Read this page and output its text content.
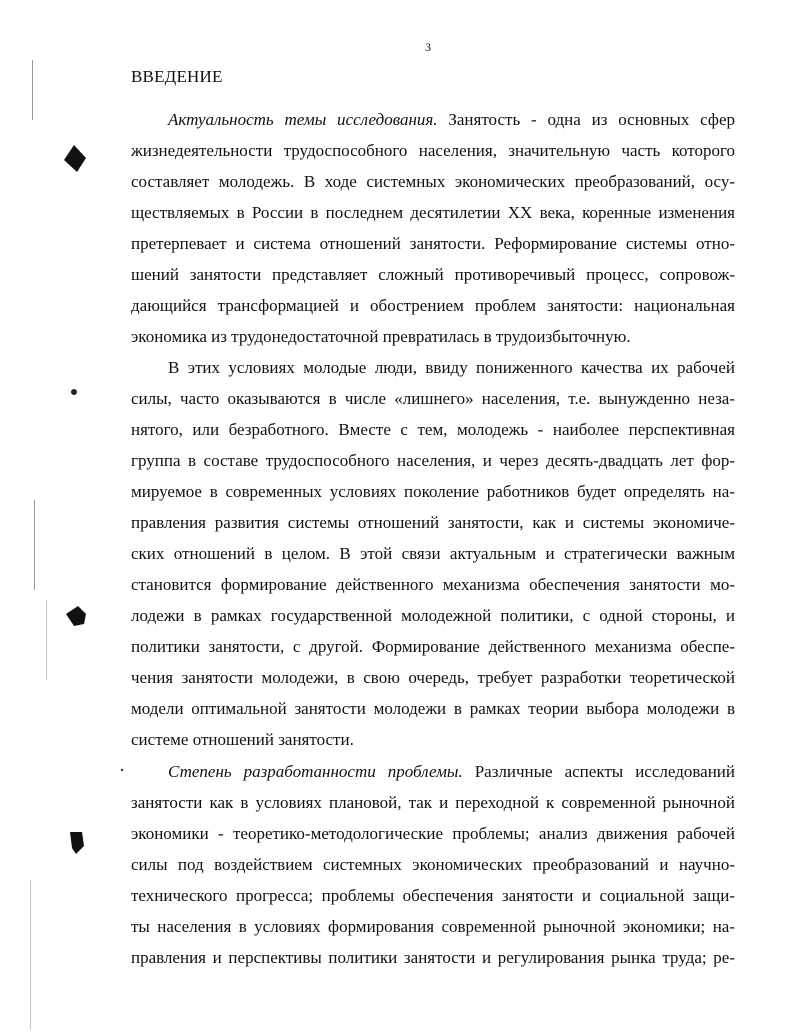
3
ВВЕДЕНИЕ
Актуальность темы исследования. Занятость - одна из основных сфер
жизнедеятельности трудоспособного населения, значительную часть которого
составляет молодежь. В ходе системных экономических преобразований, осу-
ществляемых в России в последнем десятилетии XX века, коренные изменения
претерпевает и система отношений занятости. Реформирование системы отно-
шений занятости представляет сложный противоречивый процесс, сопровож-
дающийся трансформацией и обострением проблем занятости: национальная
экономика из трудонедостаточной превратилась в трудоизбыточную.
В этих условиях молодые люди, ввиду пониженного качества их рабочей
силы, часто оказываются в числе «лишнего» населения, т.е. вынужденно неза-
нятого, или безработного. Вместе с тем, молодежь - наиболее перспективная
группа в составе трудоспособного населения, и через десять-двадцать лет фор-
мируемое в современных условиях поколение работников будет определять на-
правления развития системы отношений занятости, как и системы экономиче-
ских отношений в целом. В этой связи актуальным и стратегически важным
становится формирование действенного механизма обеспечения занятости мо-
лодежи в рамках государственной молодежной политики, с одной стороны, и
политики занятости, с другой. Формирование действенного механизма обеспе-
чения занятости молодежи, в свою очередь, требует разработки теоретической
модели оптимальной занятости молодежи в рамках теории выбора молодежи в
системе отношений занятости.
Степень разработанности проблемы. Различные аспекты исследований
занятости как в условиях плановой, так и переходной к современной рыночной
экономики - теоретико-методологические проблемы; анализ движения рабочей
силы под воздействием системных экономических преобразований и научно-
технического прогресса; проблемы обеспечения занятости и социальной защи-
ты населения в условиях формирования современной рыночной экономики; на-
правления и перспективы политики занятости и регулирования рынка труда; ре-
